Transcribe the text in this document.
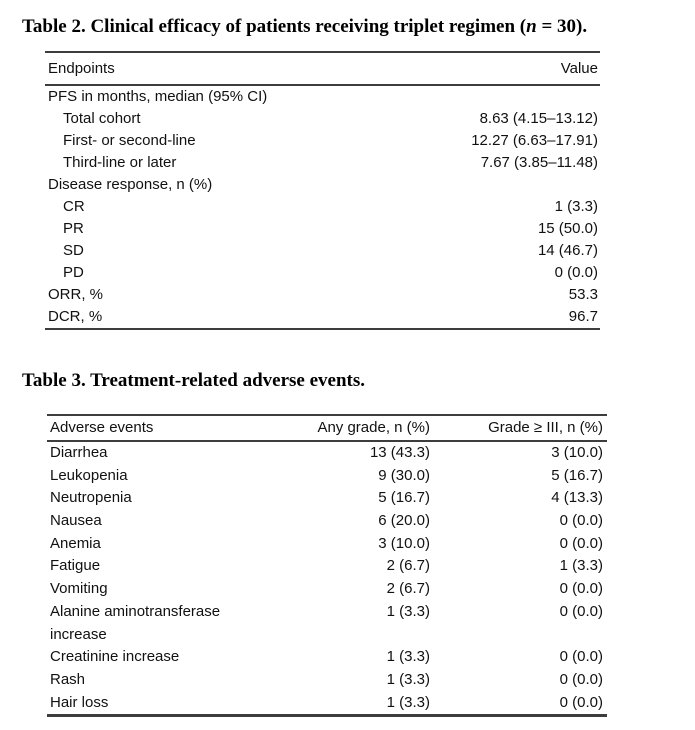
Table 2. Clinical efficacy of patients receiving triplet regimen (n = 30).
Endpoints	Value
PFS in months, median (95% CI)
Total cohort	8.63 (4.15–13.12)
First- or second-line	12.27 (6.63–17.91)
Third-line or later	7.67 (3.85–11.48)
Disease response, n (%)
CR	1 (3.3)
PR	15 (50.0)
SD	14 (46.7)
PD	0 (0.0)
ORR, %	53.3
DCR, %	96.7
Table 3. Treatment-related adverse events.
Adverse events	Any grade, n (%)	Grade ≥ III, n (%)
Diarrhea	13 (43.3)	3 (10.0)
Leukopenia	9 (30.0)	5 (16.7)
Neutropenia	5 (16.7)	4 (13.3)
Nausea	6 (20.0)	0 (0.0)
Anemia	3 (10.0)	0 (0.0)
Fatigue	2 (6.7)	1 (3.3)
Vomiting	2 (6.7)	0 (0.0)
Alanine aminotransferase	1 (3.3)	0 (0.0)
increase
Creatinine increase	1 (3.3)	0 (0.0)
Rash	1 (3.3)	0 (0.0)
Hair loss	1 (3.3)	0 (0.0)
